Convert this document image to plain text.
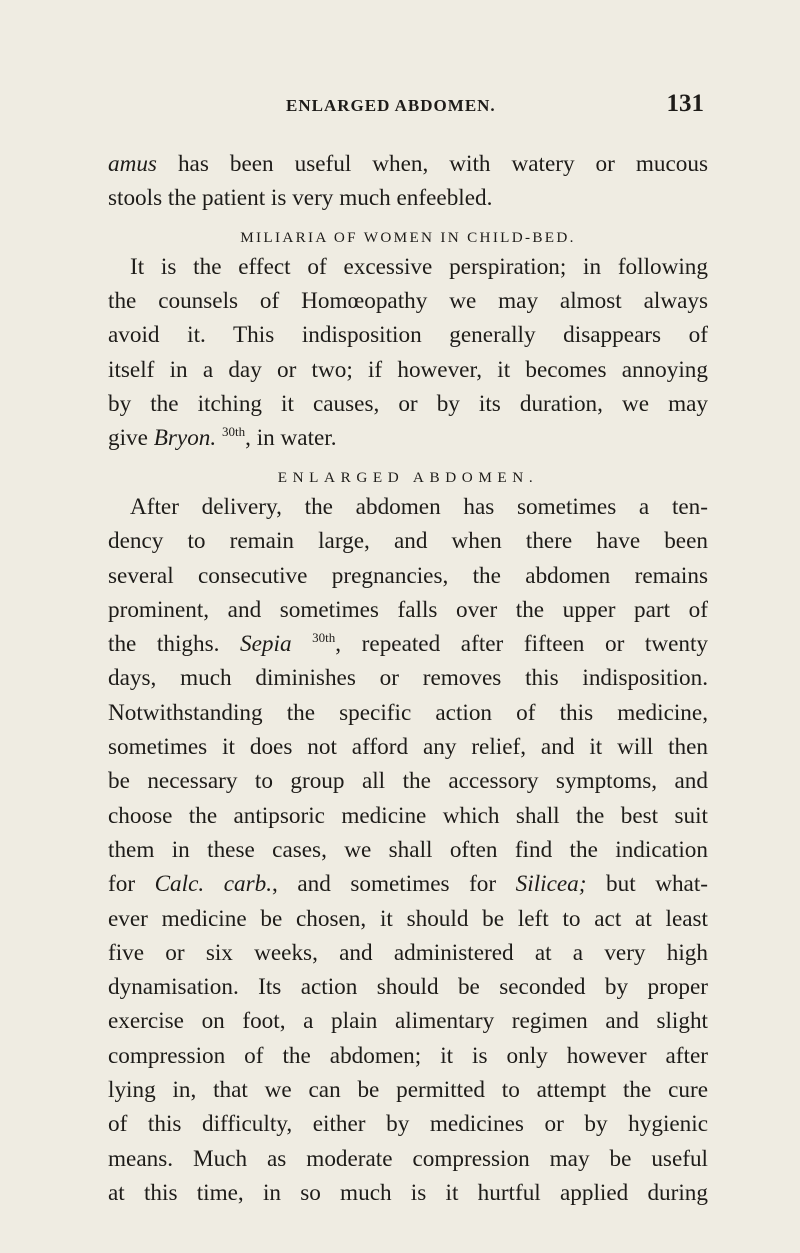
ENLARGED ABDOMEN.	131
amus has been useful when, with watery or mucous
stools the patient is very much enfeebled.
MILIARIA OF WOMEN IN CHILD-BED.
It is the effect of excessive perspiration; in following
the counsels of Homœopathy we may almost always
avoid it. This indisposition generally disappears of
itself in a day or two; if however, it becomes annoying
by the itching it causes, or by its duration, we may
give Bryon. $^{30th}$, in water.
ENLARGED ABDOMEN.
After delivery, the abdomen has sometimes a ten-
dency to remain large, and when there have been
several consecutive pregnancies, the abdomen remains
prominent, and sometimes falls over the upper part of
the thighs. Sepia $^{30th}$, repeated after fifteen or twenty
days, much diminishes or removes this indisposition.
Notwithstanding the specific action of this medicine,
sometimes it does not afford any relief, and it will then
be necessary to group all the accessory symptoms, and
choose the antipsoric medicine which shall the best suit
them in these cases, we shall often find the indication
for Calc. carb., and sometimes for Silicea; but what-
ever medicine be chosen, it should be left to act at least
five or six weeks, and administered at a very high
dynamisation. Its action should be seconded by proper
exercise on foot, a plain alimentary regimen and slight
compression of the abdomen; it is only however after
lying in, that we can be permitted to attempt the cure
of this difficulty, either by medicines or by hygienic
means. Much as moderate compression may be useful
at this time, in so much is it hurtful applied during
